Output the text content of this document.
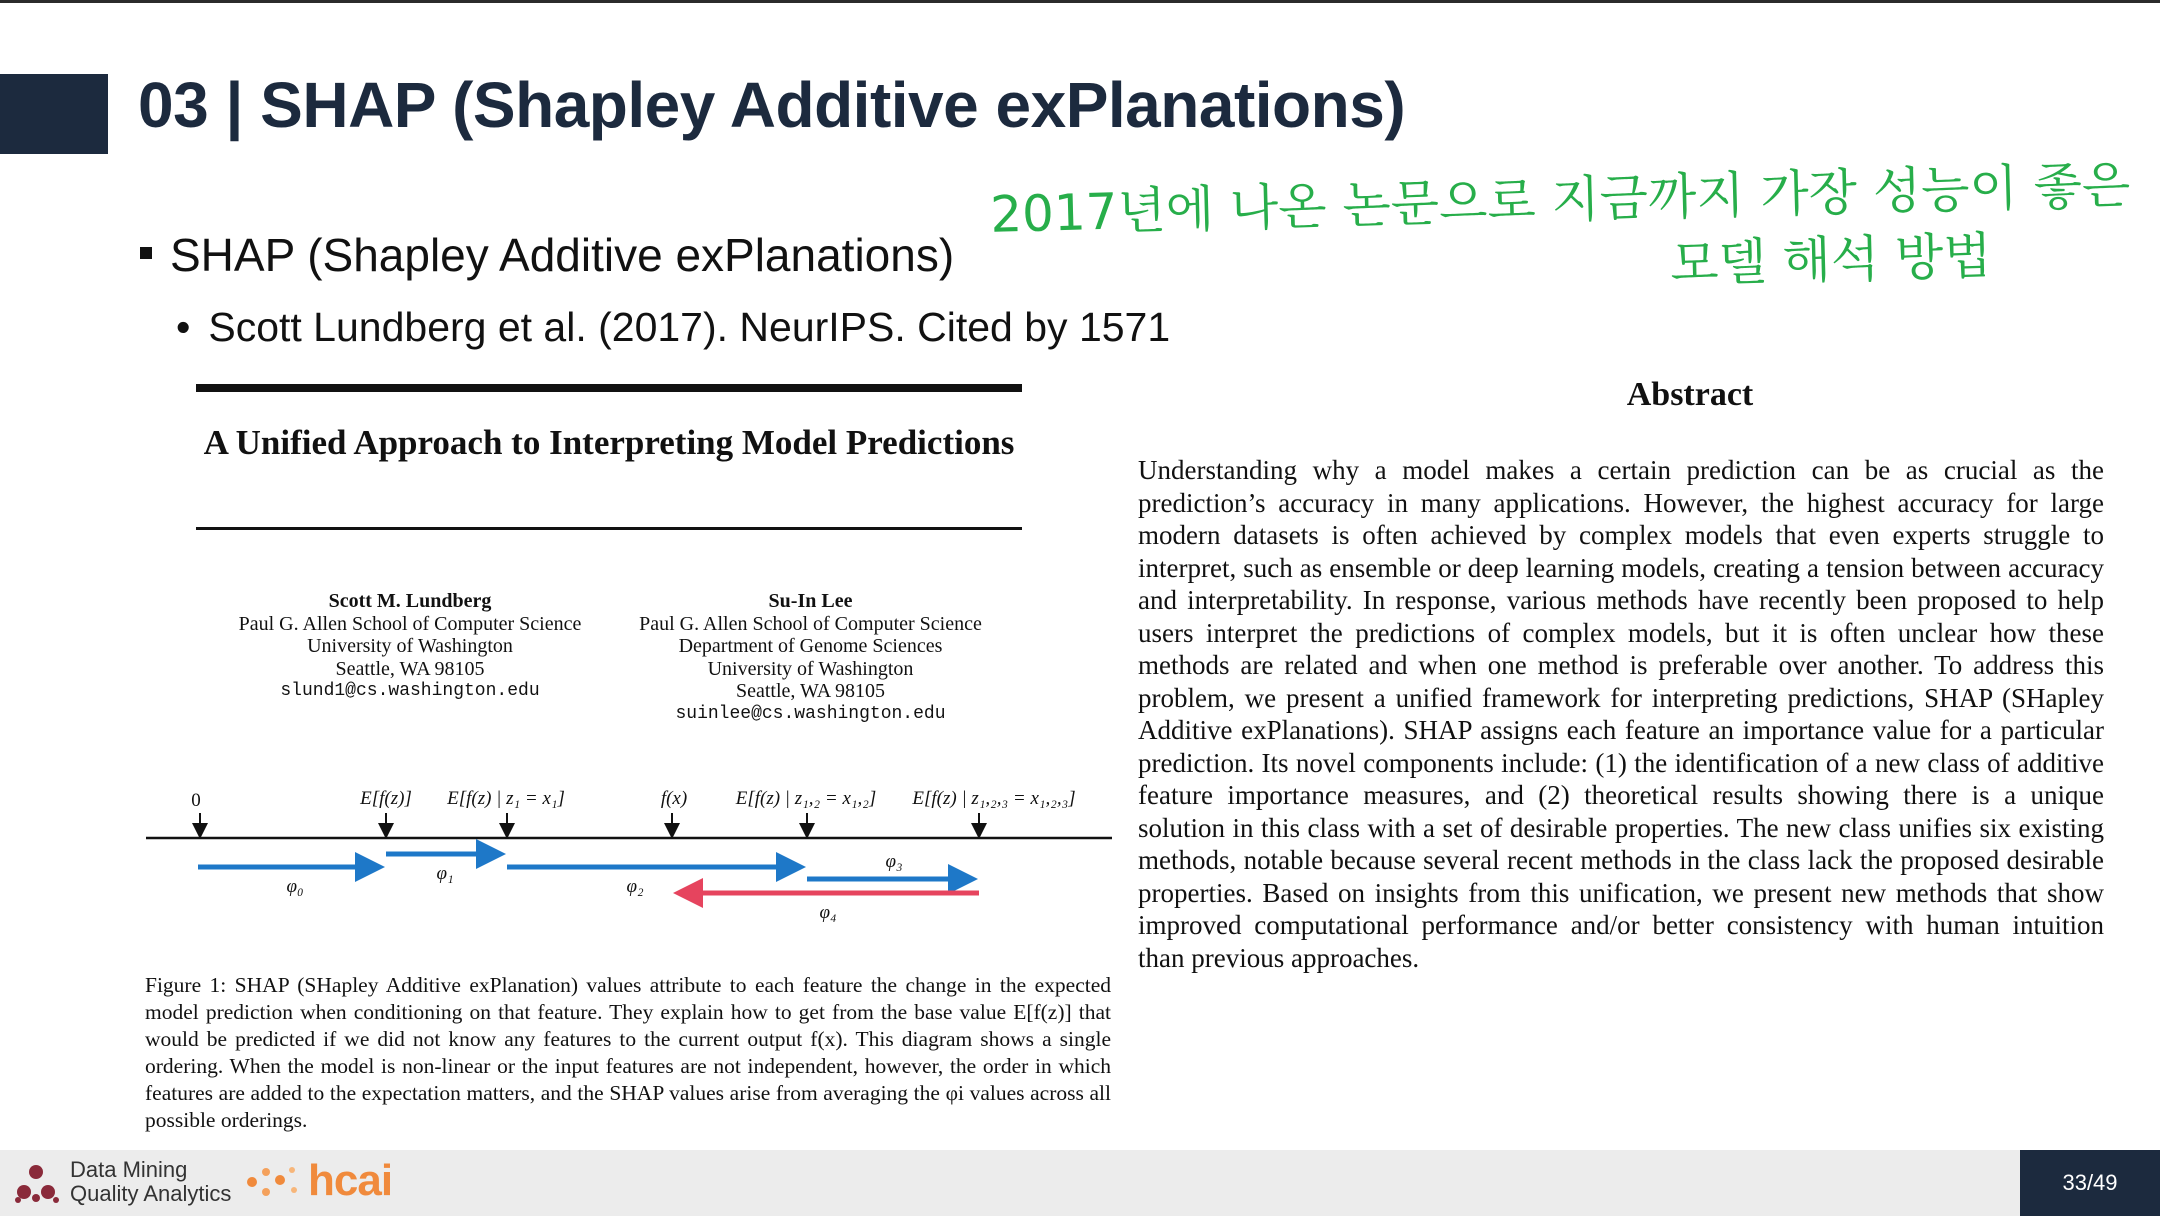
03 | SHAP (Shapley Additive exPlanations)
SHAP (Shapley Additive exPlanations)
• Scott Lundberg et al. (2017). NeurIPS. Cited by 1571
2017년에 나온 논문으로 지금까지 가장 성능이 좋은
모델 해석 방법
A Unified Approach to Interpreting Model Predictions
Scott M. Lundberg
Paul G. Allen School of Computer Science
University of Washington
Seattle, WA 98105
slund1@cs.washington.edu
Su-In Lee
Paul G. Allen School of Computer Science
Department of Genome Sciences
University of Washington
Seattle, WA 98105
suinlee@cs.washington.edu
0	E[f(z)] E[f(z) | z₁ = x₁]	f(x)	E[f(z) | z₁,₂ = x₁,₂] E[f(z) | z₁,₂,₃ = x₁,₂,₃]
φ₀
φ₁
φ₂
φ₃
φ₄
Figure 1: SHAP (SHapley Additive exPlanation) values attribute to each feature the change in the expected model prediction when conditioning on that feature. They explain how to get from the base value E[f(z)] that would be predicted if we did not know any features to the current output f(x). This diagram shows a single ordering. When the model is non-linear or the input features are not independent, however, the order in which features are added to the expectation matters, and the SHAP values arise from averaging the φi values across all possible orderings.
Abstract
Understanding why a model makes a certain prediction can be as crucial as the prediction’s accuracy in many applications. However, the highest accuracy for large modern datasets is often achieved by complex models that even experts struggle to interpret, such as ensemble or deep learning models, creating a tension between accuracy and interpretability. In response, various methods have recently been proposed to help users interpret the predictions of complex models, but it is often unclear how these methods are related and when one method is preferable over another. To address this problem, we present a unified framework for interpreting predictions, SHAP (SHapley Additive exPlanations). SHAP assigns each feature an importance value for a particular prediction. Its novel components include: (1) the identification of a new class of additive feature importance measures, and (2) theoretical results showing there is a unique solution in this class with a set of desirable properties. The new class unifies six existing methods, notable because several recent methods in the class lack the proposed desirable properties. Based on insights from this unification, we present new methods that show improved computational performance and/or better consistency with human intuition than previous approaches.
Data Mining
Quality Analytics hcai	33/49
